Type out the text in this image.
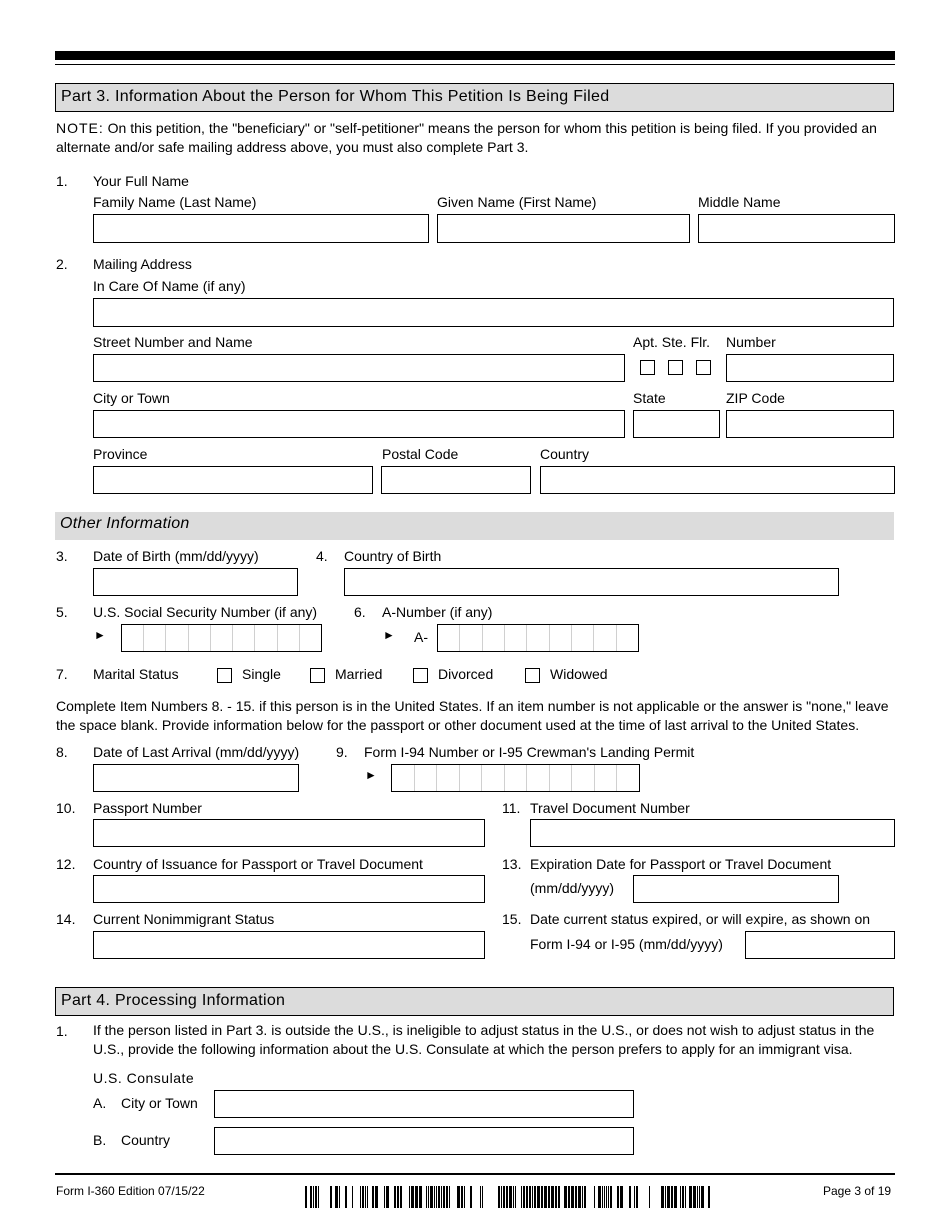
Part 3. Information About the Person for Whom This Petition Is Being Filed
NOTE: On this petition, the "beneficiary" or "self-petitioner" means the person for whom this petition is being filed. If you provided an alternate and/or safe mailing address above, you must also complete Part 3.
1. Your Full Name
Family Name (Last Name)	Given Name (First Name)	Middle Name
2. Mailing Address
In Care Of Name (if any)
Street Number and Name	Apt. Ste. Flr. Number
City or Town	State	ZIP Code
Province	Postal Code	Country
Other Information
3. Date of Birth (mm/dd/yyyy)	4. Country of Birth
5. U.S. Social Security Number (if any)
►
6. A-Number (if any)
► A-
7. Marital Status	Single	Married	Divorced	Widowed
Complete Item Numbers 8. - 15. if this person is in the United States. If an item number is not applicable or the answer is "none," leave the space blank. Provide information below for the passport or other document used at the time of last arrival to the United States.
8. Date of Last Arrival (mm/dd/yyyy)	9. Form I-94 Number or I-95 Crewman's Landing Permit
►
10. Passport Number	11. Travel Document Number
12. Country of Issuance for Passport or Travel Document	13. Expiration Date for Passport or Travel Document
(mm/dd/yyyy)
14. Current Nonimmigrant Status	15. Date current status expired, or will expire, as shown on
Form I-94 or I-95 (mm/dd/yyyy)
Part 4. Processing Information
1. If the person listed in Part 3. is outside the U.S., is ineligible to adjust status in the U.S., or does not wish to adjust status in the U.S., provide the following information about the U.S. Consulate at which the person prefers to apply for an immigrant visa.
U.S. Consulate
A. City or Town
B. Country
Form I-360 Edition 07/15/22	Page 3 of 19
